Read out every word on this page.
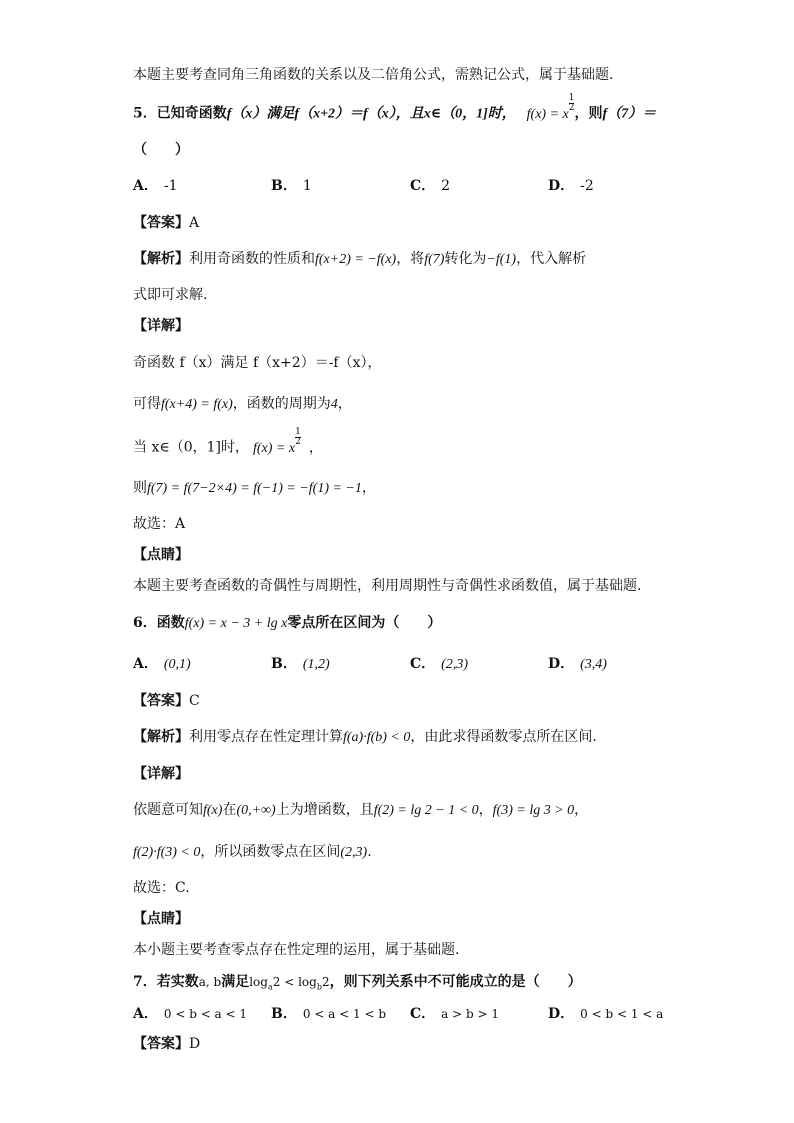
本题主要考查同角三角函数的关系以及二倍角公式，需熟记公式，属于基础题.
5．已知奇函数f（x）满足f（x+2）＝f（x），且x∈（0，1]时， $f(x) = x\frac{1}{2}$
，则f（7）＝
（　　）
A． -1	B． 1	C． 2	D． -2
【答案】A
【解析】利用奇函数的性质和f(x+2) = −f(x)，将f(7)转化为−f(1)，代入解析
式即可求解.
【详解】
奇函数 f（x）满足 f（x+2）＝-f（x），
可得f(x+4) = f(x)，函数的周期为4，
当 x∈（0，1]时， $f(x) = x\frac{1}{2}$
，
则f(7) = f(7−2×4) = f(−1) = −f(1) = −1，
故选：A
【点睛】
本题主要考查函数的奇偶性与周期性，利用周期性与奇偶性求函数值，属于基础题.
6．函数f(x) = x − 3 + lg x零点所在区间为（　　）
A． (0,1)	B． (1,2)	C． (2,3)	D． (3,4)
【答案】C
【解析】利用零点存在性定理计算f(a)·f(b) < 0，由此求得函数零点所在区间.
【详解】
依题意可知f(x)在(0,+∞)上为增函数，且f(2) = lg 2 − 1 < 0，f(3) = lg 3 > 0，
f(2)·f(3) < 0，所以函数零点在区间(2,3).
故选：C.
【点睛】
本小题主要考查零点存在性定理的运用，属于基础题.
7．若实数a, b满足$\log_a2 < \log_b2$，则下列关系中不可能成立的是（　　）
A． 0 < b < a < 1 B． 0 < a < 1 < b C． a > b > 1	D． 0 < b < 1 < a
【答案】D
